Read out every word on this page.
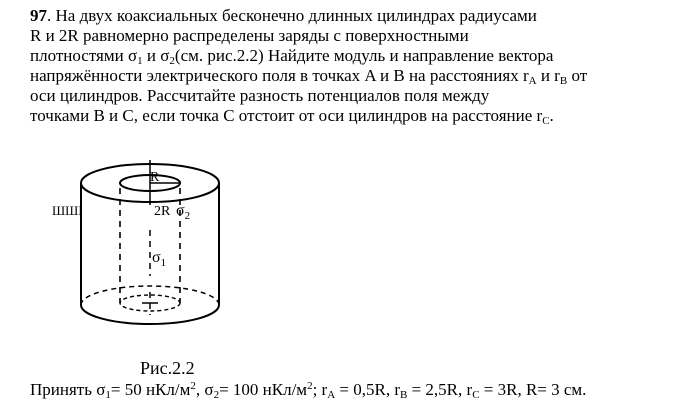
97. На двух коаксиальных бесконечно длинных цилиндрах радиусами
R и 2R равномерно распределены заряды с поверхностными
плотностями $\sigma_1$ и $\sigma_2(см$. рис.2.2) Найдите модуль и направление вектора
напряжённости электрического поля в точках A и B на расстояниях $r_A$ и $r_B$ от
оси цилиндров. Рассчитайте разность потенциалов поля между
точками B и C, если точка C отстоит от оси цилиндров на расстояние $r_C$.
R
2R $\sigma_2$
$\sigma_1$
ШШI
Рис.2.2
Принять $\sigma_1= 50$ нКл/$м^2$, $\sigma_2= 100$ нКл/$м^2$; $r_A = 0,5R$, $r_B = 2,5R$, $r_C = 3R$, R= 3 см.
